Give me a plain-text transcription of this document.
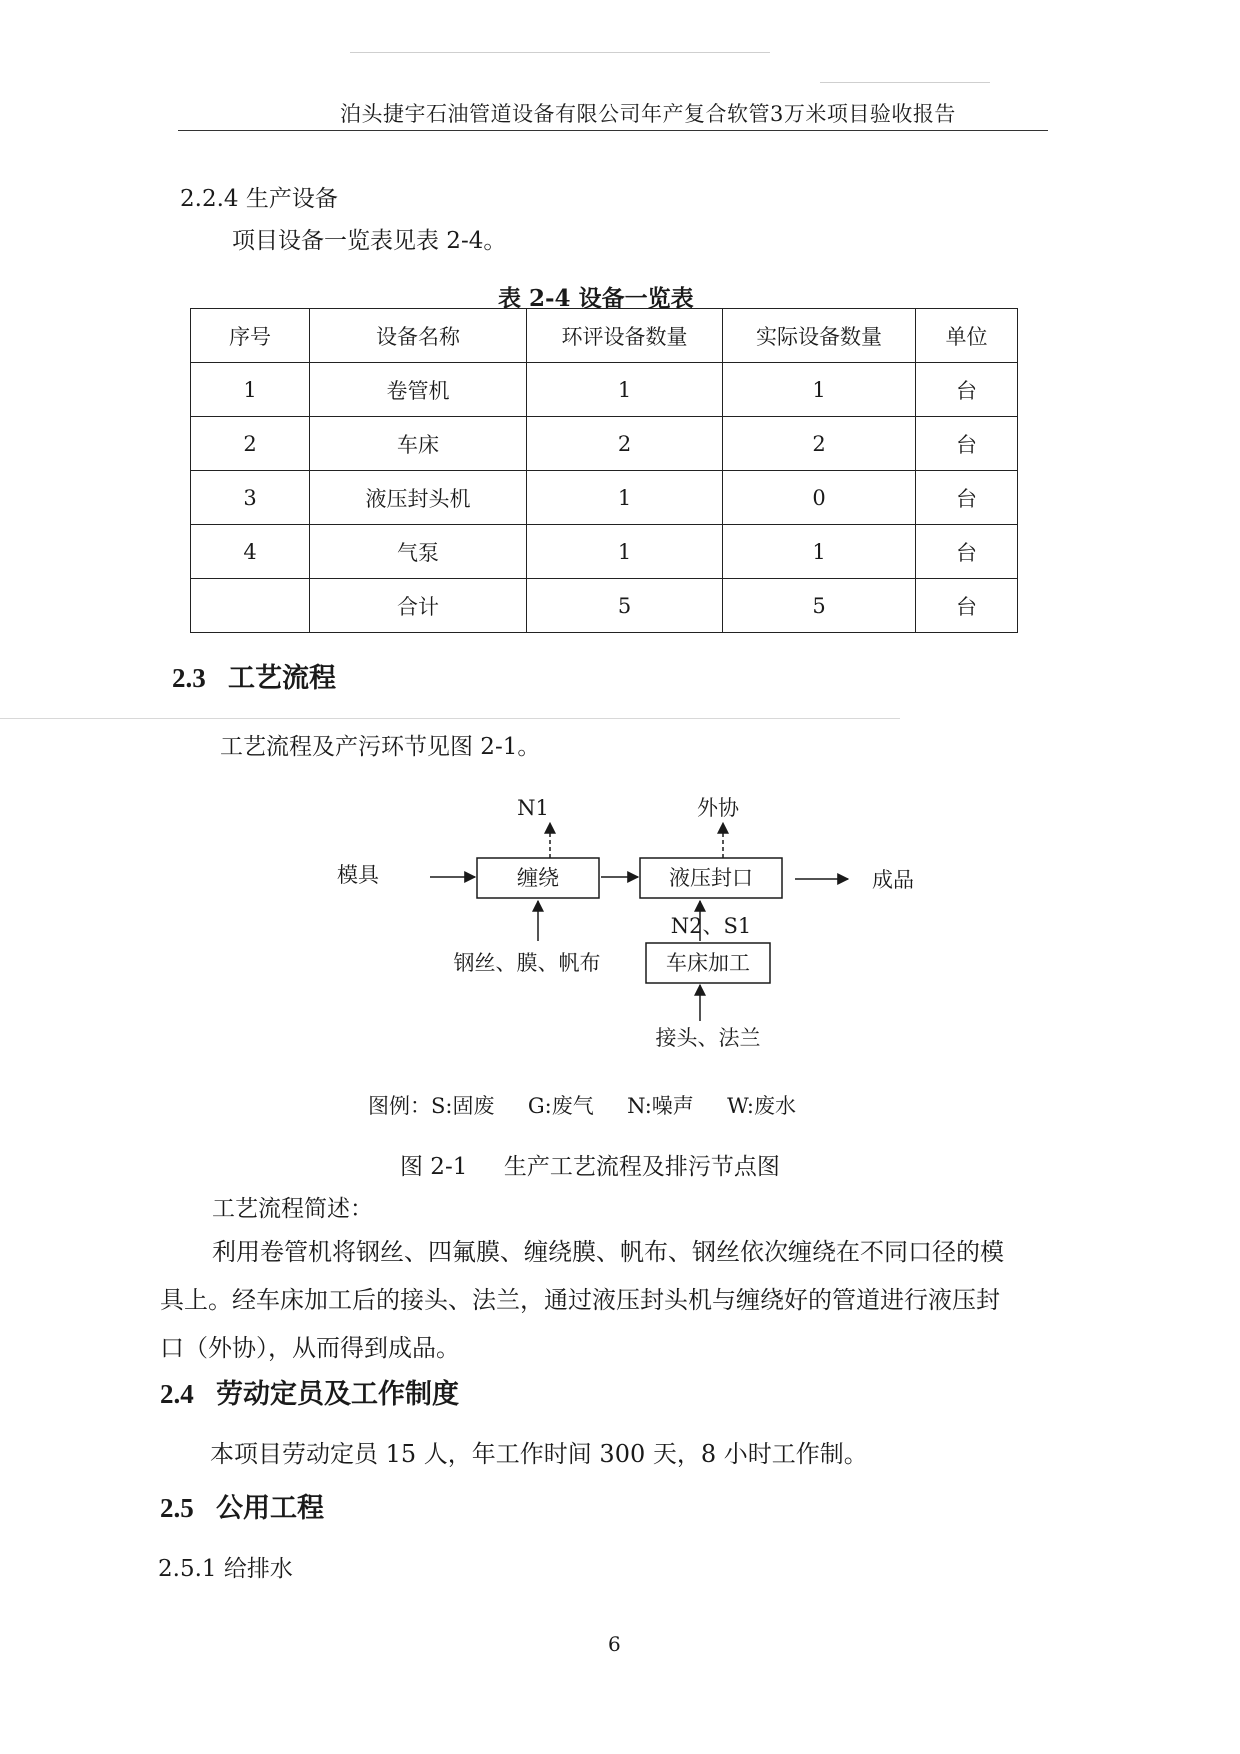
泊头捷宇石油管道设备有限公司年产复合软管3万米项目验收报告
2.2.4 生产设备
项目设备一览表见表 2-4。
表 2-4 设备一览表
序号	设备名称	环评设备数量	实际设备数量	单位
1	卷管机	1	1	台
2	车床	2	2	台
3	液压封头机	1	0	台
4	气泵	1	1	台
	合计	5	5	台
2.3 工艺流程
工艺流程及产污环节见图 2-1。
N1	外协
模具	缠绕	液压封口	成品
钢丝、膜、帆布
N2、S1
车床加工
接头、法兰
图例：S:固废     G:废气     N:噪声     W:废水
图 2-1     生产工艺流程及排污节点图
工艺流程简述：
利用卷管机将钢丝、四氟膜、缠绕膜、帆布、钢丝依次缠绕在不同口径的模
具上。经车床加工后的接头、法兰，通过液压封头机与缠绕好的管道进行液压封
口（外协），从而得到成品。
2.4 劳动定员及工作制度
本项目劳动定员 15 人，年工作时间 300 天，8 小时工作制。
2.5 公用工程
2.5.1 给排水
6
